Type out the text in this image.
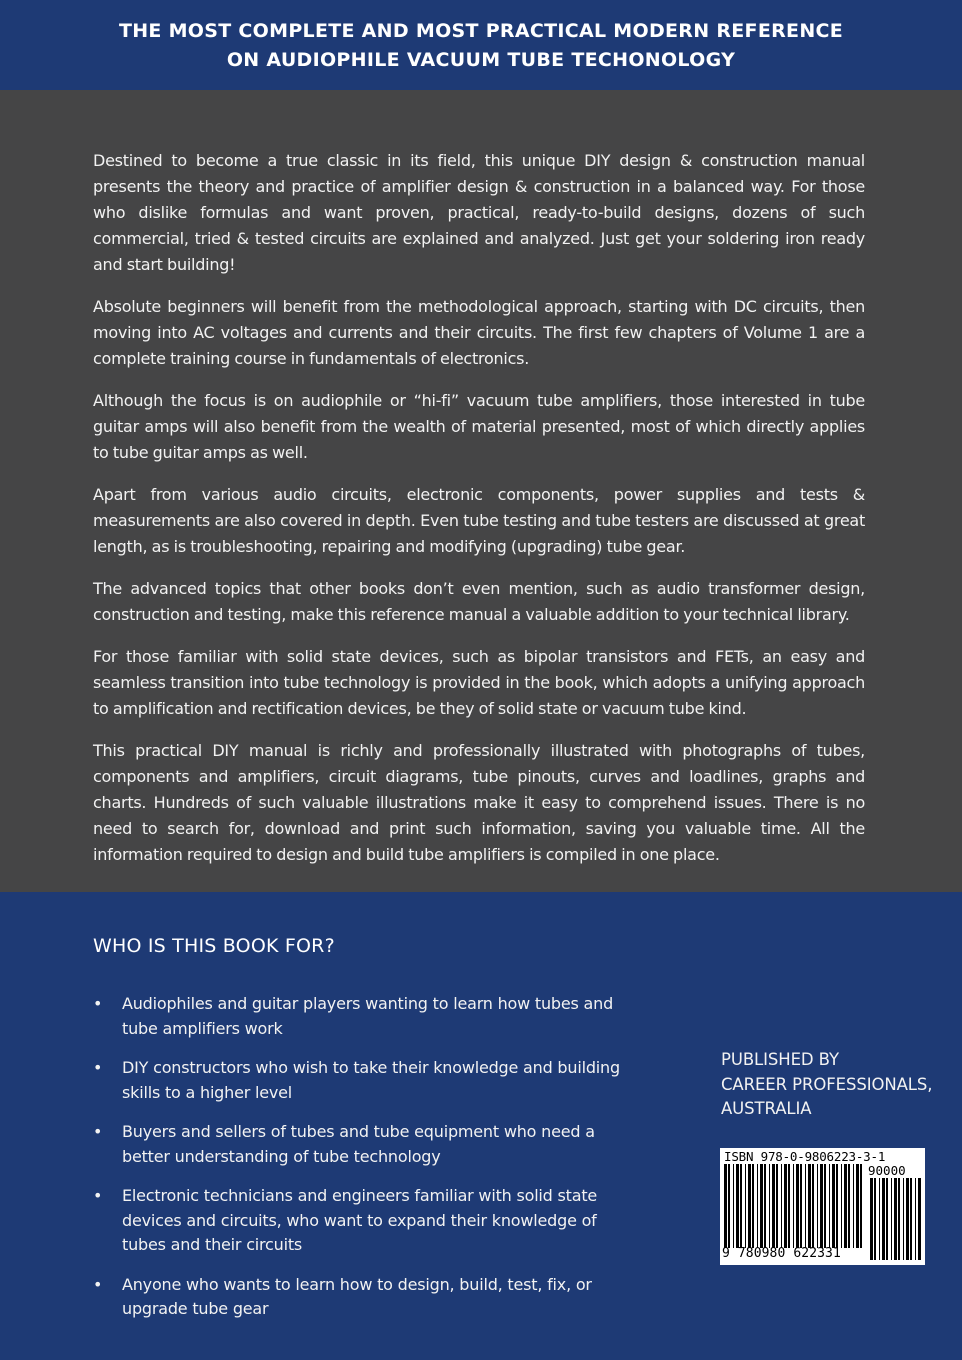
THE MOST COMPLETE AND MOST PRACTICAL MODERN REFERENCE
ON AUDIOPHILE VACUUM TUBE TECHONOLOGY

Destined to become a true classic in its field, this unique DIY design & construction manual presents the theory and practice of amplifier design & construction in a balanced way. For those who dislike formulas and want proven, practical, ready-to-build designs, dozens of such commercial, tried & tested circuits are explained and analyzed. Just get your soldering iron ready and start building!

Absolute beginners will benefit from the methodological approach, starting with DC circuits, then moving into AC voltages and currents and their circuits. The first few chapters of Volume 1 are a complete training course in fundamentals of electronics.

Although the focus is on audiophile or “hi-fi” vacuum tube amplifiers, those interested in tube guitar amps will also benefit from the wealth of material presented, most of which directly applies to tube guitar amps as well.

Apart from various audio circuits, electronic components, power supplies and tests & measurements are also covered in depth. Even tube testing and tube testers are discussed at great length, as is troubleshooting, repairing and modifying (upgrading) tube gear.

The advanced topics that other books don’t even mention, such as audio transformer design, construction and testing, make this reference manual a valuable addition to your technical library.

For those familiar with solid state devices, such as bipolar transistors and FETs, an easy and seamless transition into tube technology is provided in the book, which adopts a unifying approach to amplification and rectification devices, be they of solid state or vacuum tube kind.

This practical DIY manual is richly and professionally illustrated with photographs of tubes, components and amplifiers, circuit diagrams, tube pinouts, curves and loadlines, graphs and charts. Hundreds of such valuable illustrations make it easy to comprehend issues. There is no need to search for, download and print such information, saving you valuable time. All the information required to design and build tube amplifiers is compiled in one place.

WHO IS THIS BOOK FOR?
• Audiophiles and guitar players wanting to learn how tubes and tube amplifiers work
• DIY constructors who wish to take their knowledge and building skills to a higher level
• Buyers and sellers of tubes and tube equipment who need a better understanding of tube technology
• Electronic technicians and engineers familiar with solid state devices and circuits, who want to expand their knowledge of tubes and their circuits
• Anyone who wants to learn how to design, build, test, fix, or upgrade tube gear
PUBLISHED BY
CAREER PROFESSIONALS,
AUSTRALIA
ISBN 978-0-9806223-3-1
90000
9 780980 622331
